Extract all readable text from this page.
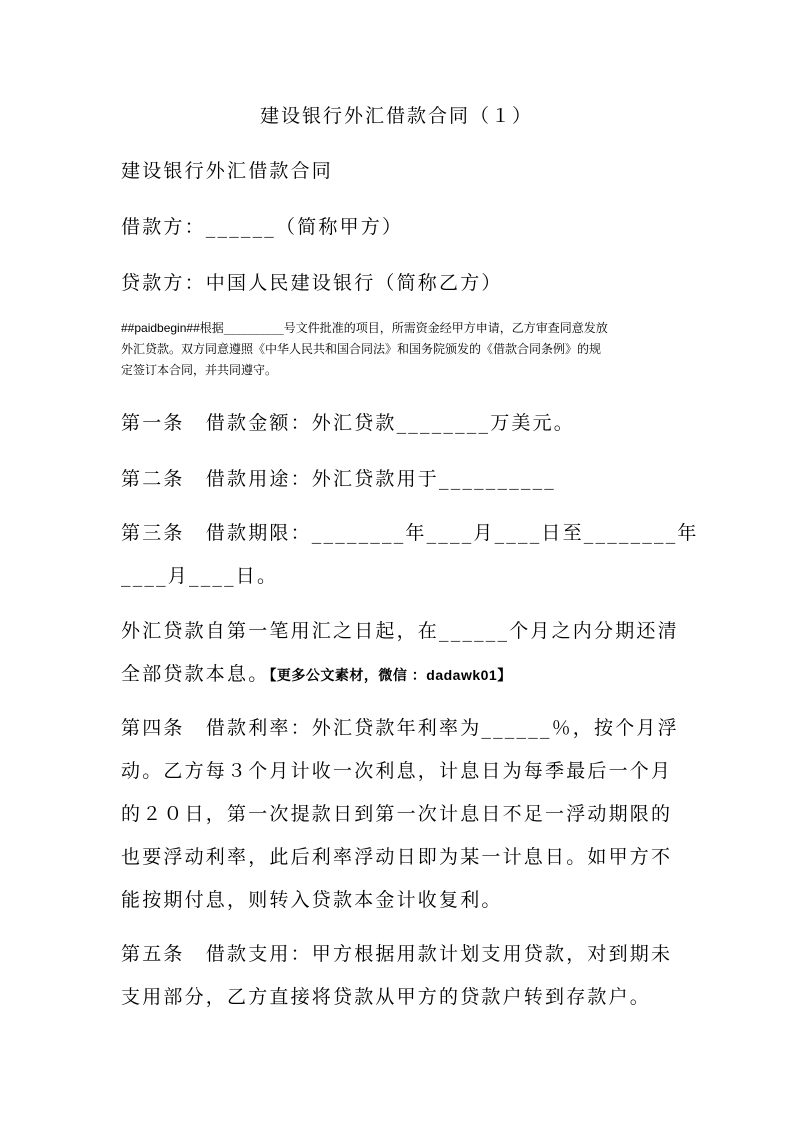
建设银行外汇借款合同（１）
建设银行外汇借款合同
借款方：______（简称甲方）
贷款方：中国人民建设银行（简称乙方）
##paidbegin##根据__________号文件批准的项目，所需资金经甲方申请，乙方审查同意发放
外汇贷款。双方同意遵照《中华人民共和国合同法》和国务院颁发的《借款合同条例》的规
定签订本合同，并共同遵守。
第一条　借款金额：外汇贷款________万美元。
第二条　借款用途：外汇贷款用于__________
第三条　借款期限：________年____月____日至________年
____月____日。
外汇贷款自第一笔用汇之日起，在______个月之内分期还清
全部贷款本息。【更多公文素材，微信 ：dadawk01】
第四条　借款利率：外汇贷款年利率为______％，按个月浮
动。乙方每３个月计收一次利息，计息日为每季最后一个月
的２０日，第一次提款日到第一次计息日不足一浮动期限的
也要浮动利率，此后利率浮动日即为某一计息日。如甲方不
能按期付息，则转入贷款本金计收复利。
第五条　借款支用：甲方根据用款计划支用贷款，对到期未
支用部分，乙方直接将贷款从甲方的贷款户转到存款户。
